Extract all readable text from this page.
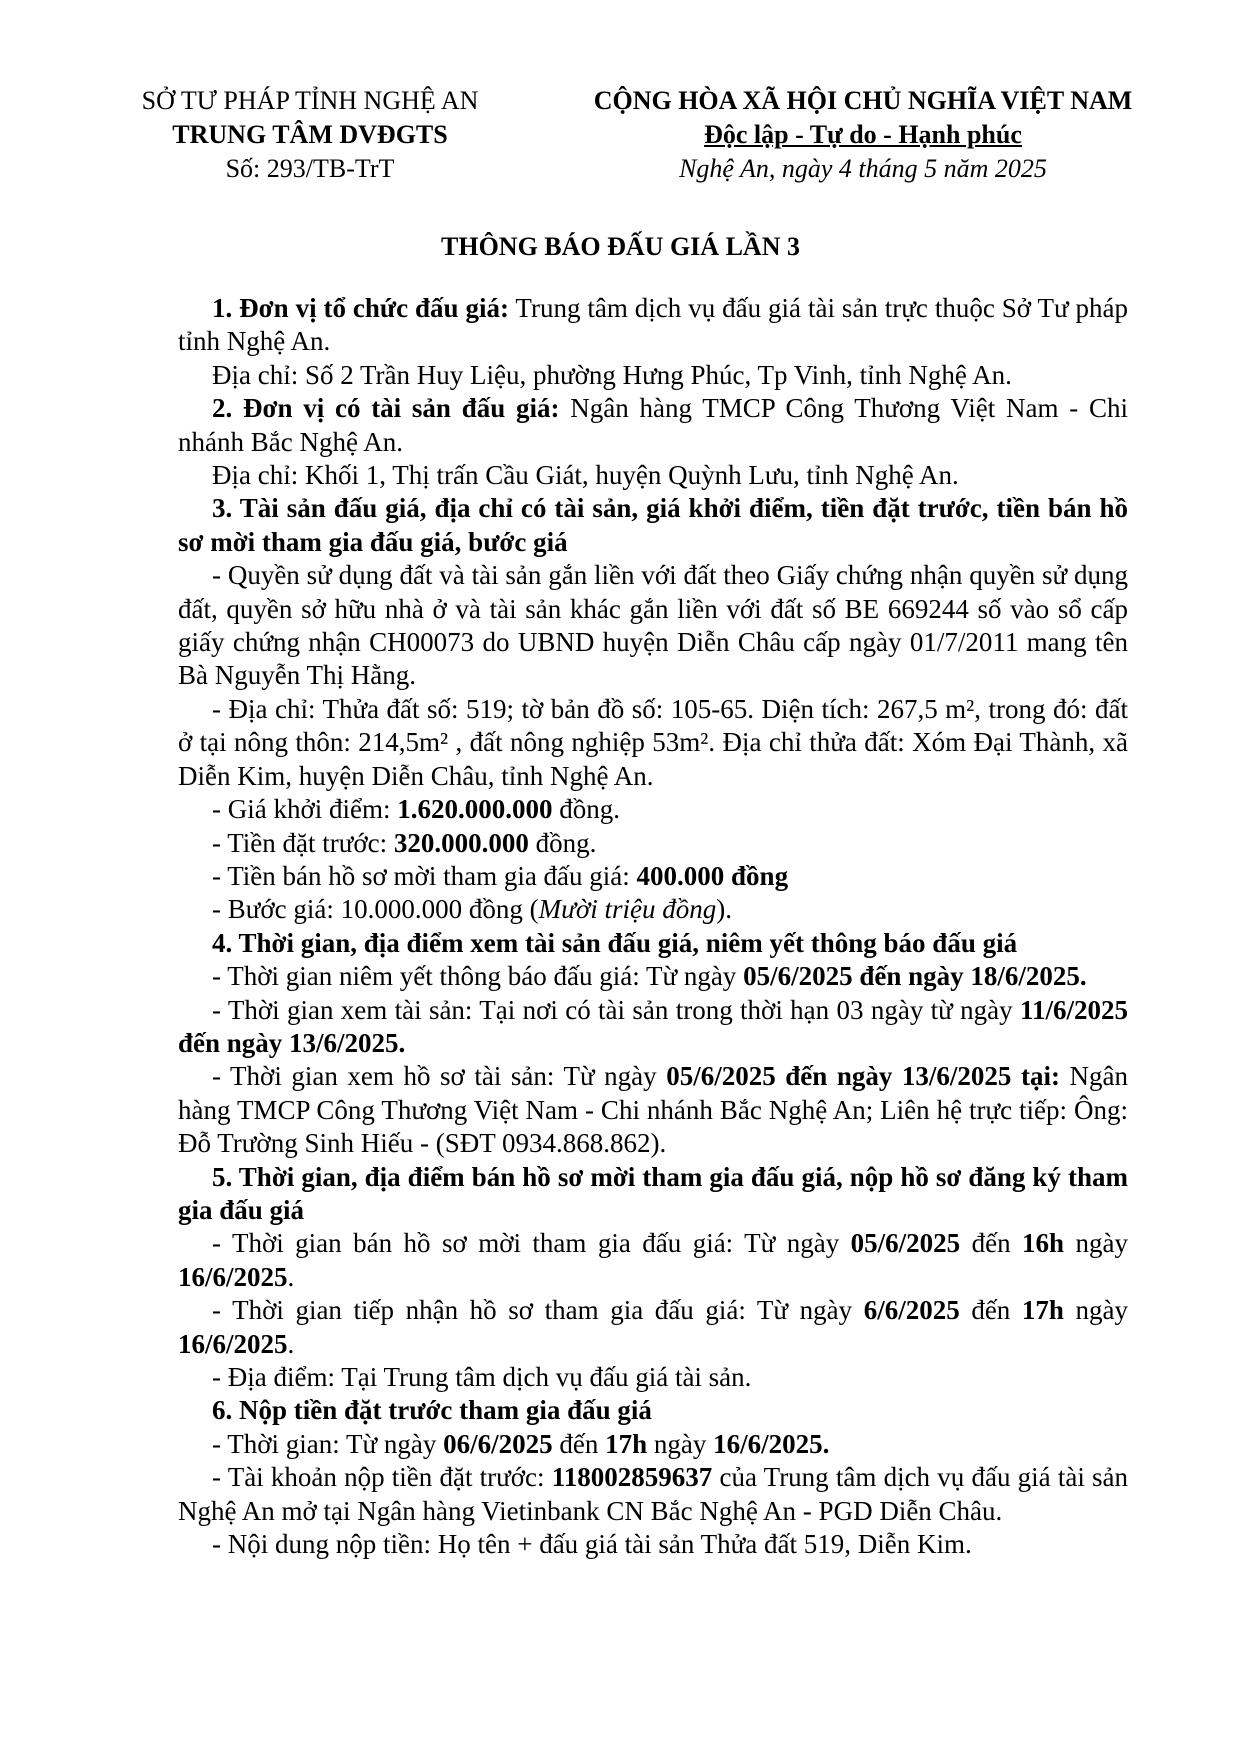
SỞ TƯ PHÁP TỈNH NGHỆ AN
TRUNG TÂM DVĐGTS
Số: 293/TB-TrT
CỘNG HÒA XÃ HỘI CHỦ NGHĨA VIỆT NAM
Độc lập - Tự do - Hạnh phúc
Nghệ An, ngày 4 tháng 5 năm 2025
THÔNG BÁO ĐẤU GIÁ LẦN 3

1. Đơn vị tổ chức đấu giá: Trung tâm dịch vụ đấu giá tài sản trực thuộc Sở Tư pháp tỉnh Nghệ An.

Địa chỉ: Số 2 Trần Huy Liệu, phường Hưng Phúc, Tp Vinh, tỉnh Nghệ An.

2. Đơn vị có tài sản đấu giá: Ngân hàng TMCP Công Thương Việt Nam - Chi nhánh Bắc Nghệ An.

Địa chỉ: Khối 1, Thị trấn Cầu Giát, huyện Quỳnh Lưu, tỉnh Nghệ An.

3. Tài sản đấu giá, địa chỉ có tài sản, giá khởi điểm, tiền đặt trước, tiền bán hồ sơ mời tham gia đấu giá, bước giá

- Quyền sử dụng đất và tài sản gắn liền với đất theo Giấy chứng nhận quyền sử dụng đất, quyền sở hữu nhà ở và tài sản khác gắn liền với đất số BE 669244 số vào sổ cấp giấy chứng nhận CH00073 do UBND huyện Diễn Châu cấp ngày 01/7/2011 mang tên Bà Nguyễn Thị Hằng.

- Địa chỉ: Thửa đất số: 519; tờ bản đồ số: 105-65. Diện tích: 267,5 m², trong đó: đất ở tại nông thôn: 214,5m² , đất nông nghiệp 53m². Địa chỉ thửa đất: Xóm Đại Thành, xã Diễn Kim, huyện Diễn Châu, tỉnh Nghệ An.

- Giá khởi điểm: 1.620.000.000 đồng.

- Tiền đặt trước: 320.000.000 đồng.

- Tiền bán hồ sơ mời tham gia đấu giá: 400.000 đồng

- Bước giá: 10.000.000 đồng (Mười triệu đồng).

4. Thời gian, địa điểm xem tài sản đấu giá, niêm yết thông báo đấu giá

- Thời gian niêm yết thông báo đấu giá: Từ ngày 05/6/2025 đến ngày 18/6/2025.

- Thời gian xem tài sản: Tại nơi có tài sản trong thời hạn 03 ngày từ ngày 11/6/2025 đến ngày 13/6/2025.

- Thời gian xem hồ sơ tài sản: Từ ngày 05/6/2025 đến ngày 13/6/2025 tại: Ngân hàng TMCP Công Thương Việt Nam - Chi nhánh Bắc Nghệ An; Liên hệ trực tiếp: Ông: Đỗ Trường Sinh Hiếu - (SĐT 0934.868.862).

5. Thời gian, địa điểm bán hồ sơ mời tham gia đấu giá, nộp hồ sơ đăng ký tham gia đấu giá

- Thời gian bán hồ sơ mời tham gia đấu giá: Từ ngày 05/6/2025 đến 16h ngày 16/6/2025.

- Thời gian tiếp nhận hồ sơ tham gia đấu giá: Từ ngày 6/6/2025 đến 17h ngày 16/6/2025.

- Địa điểm: Tại Trung tâm dịch vụ đấu giá tài sản.

6. Nộp tiền đặt trước tham gia đấu giá

- Thời gian: Từ ngày 06/6/2025 đến 17h ngày 16/6/2025.

- Tài khoản nộp tiền đặt trước: 118002859637 của Trung tâm dịch vụ đấu giá tài sản Nghệ An mở tại Ngân hàng Vietinbank CN Bắc Nghệ An - PGD Diễn Châu.

- Nội dung nộp tiền: Họ tên + đấu giá tài sản Thửa đất 519, Diễn Kim.
